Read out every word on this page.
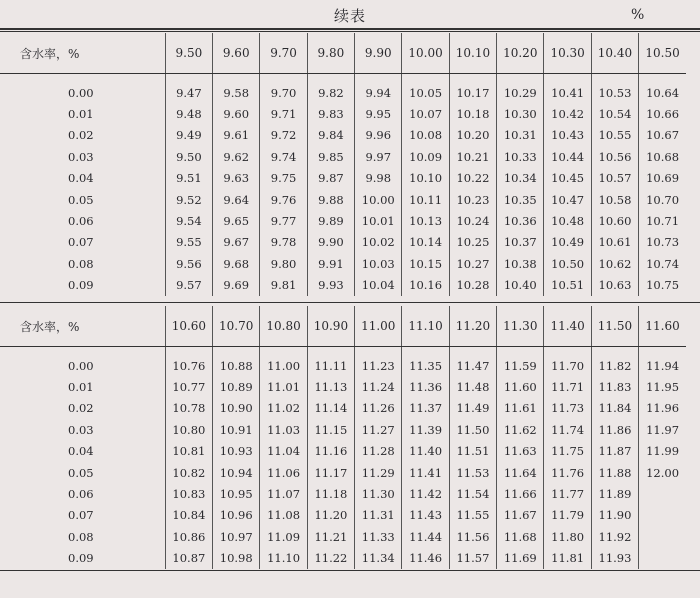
续表	%
含水率，%	9.50	9.60	9.70	9.80	9.90	10.00	10.10	10.20	10.30	10.40	10.50
0.00	9.47	9.58	9.70	9.82	9.94	10.05	10.17	10.29	10.41	10.53	10.64
0.01	9.48	9.60	9.71	9.83	9.95	10.07	10.18	10.30	10.42	10.54	10.66
0.02	9.49	9.61	9.72	9.84	9.96	10.08	10.20	10.31	10.43	10.55	10.67
0.03	9.50	9.62	9.74	9.85	9.97	10.09	10.21	10.33	10.44	10.56	10.68
0.04	9.51	9.63	9.75	9.87	9.98	10.10	10.22	10.34	10.45	10.57	10.69
0.05	9.52	9.64	9.76	9.88	10.00	10.11	10.23	10.35	10.47	10.58	10.70
0.06	9.54	9.65	9.77	9.89	10.01	10.13	10.24	10.36	10.48	10.60	10.71
0.07	9.55	9.67	9.78	9.90	10.02	10.14	10.25	10.37	10.49	10.61	10.73
0.08	9.56	9.68	9.80	9.91	10.03	10.15	10.27	10.38	10.50	10.62	10.74
0.09	9.57	9.69	9.81	9.93	10.04	10.16	10.28	10.40	10.51	10.63	10.75
含水率，%	10.60	10.70	10.80	10.90	11.00	11.10	11.20	11.30	11.40	11.50	11.60
0.00	10.76	10.88	11.00	11.11	11.23	11.35	11.47	11.59	11.70	11.82	11.94
0.01	10.77	10.89	11.01	11.13	11.24	11.36	11.48	11.60	11.71	11.83	11.95
0.02	10.78	10.90	11.02	11.14	11.26	11.37	11.49	11.61	11.73	11.84	11.96
0.03	10.80	10.91	11.03	11.15	11.27	11.39	11.50	11.62	11.74	11.86	11.97
0.04	10.81	10.93	11.04	11.16	11.28	11.40	11.51	11.63	11.75	11.87	11.99
0.05	10.82	10.94	11.06	11.17	11.29	11.41	11.53	11.64	11.76	11.88	12.00
0.06	10.83	10.95	11.07	11.18	11.30	11.42	11.54	11.66	11.77	11.89	
0.07	10.84	10.96	11.08	11.20	11.31	11.43	11.55	11.67	11.79	11.90	
0.08	10.86	10.97	11.09	11.21	11.33	11.44	11.56	11.68	11.80	11.92	
0.09	10.87	10.98	11.10	11.22	11.34	11.46	11.57	11.69	11.81	11.93	
